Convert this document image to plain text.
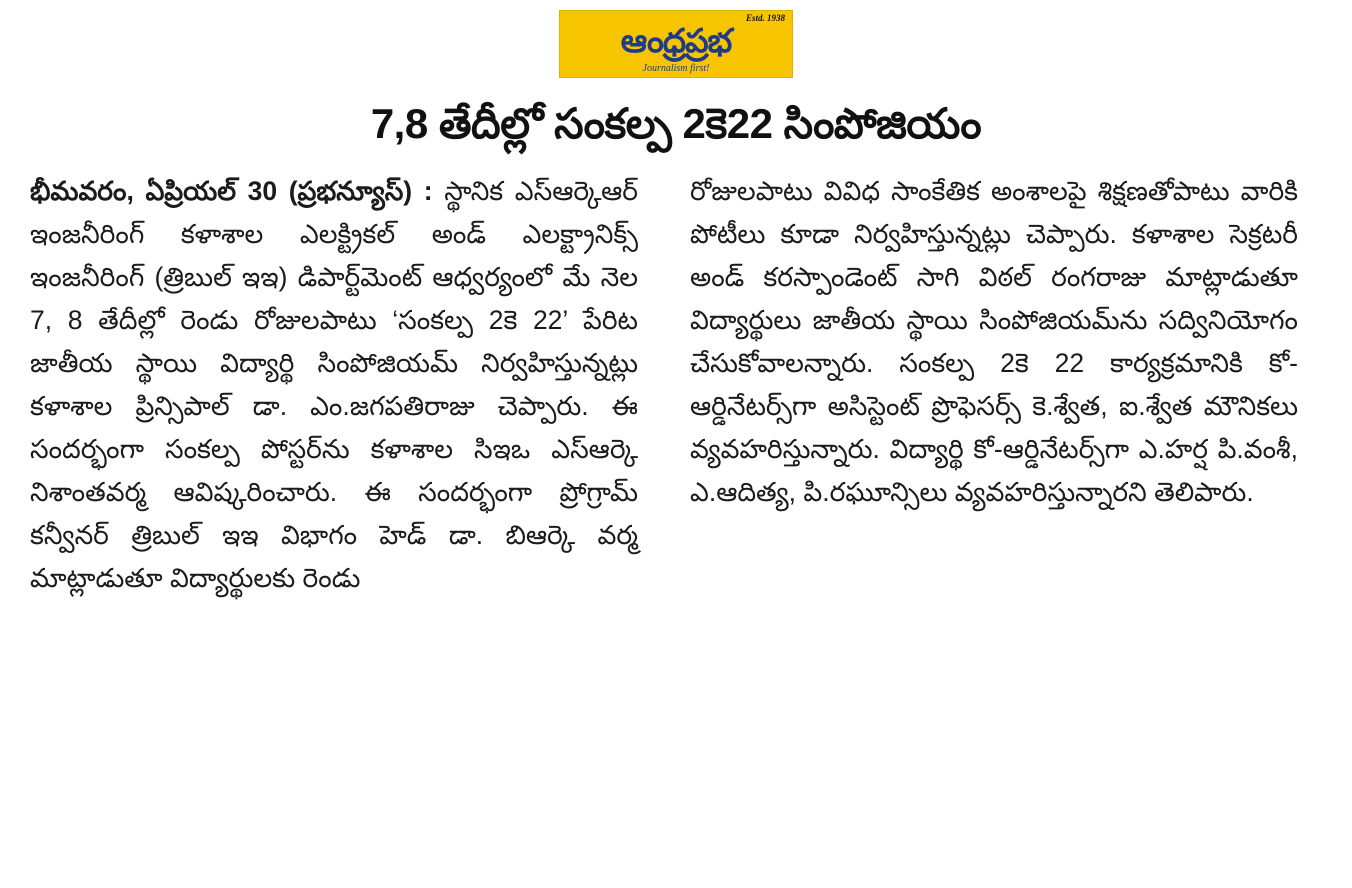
Estd. 1938
ఆంధ్రప్రభ
Journalism first!
7,8 తేదీల్లో సంకల్ప 2కె22 సింపోజియం

భీమవరం, ఏప్రియల్ 30 (ప్రభన్యూస్) : స్థానిక ఎస్ఆర్కెఆర్ ఇంజనీరింగ్ కళాశాల ఎలక్ట్రికల్ అండ్ ఎలక్ట్రానిక్స్ ఇంజనీరింగ్ (త్రిబుల్ ఇఇ) డిపార్ట్‌మెంట్ ఆధ్వర్యంలో మే నెల 7, 8 తేదీల్లో రెండు రోజులపాటు ‘సంకల్ప 2కె 22’ పేరిట జాతీయ స్థాయి విద్యార్థి సింపోజియమ్ నిర్వహిస్తున్నట్లు కళాశాల ప్రిన్సిపాల్ డా. ఎం.జగపతిరాజు చెప్పారు. ఈ సందర్భంగా సంకల్ప పోస్టర్‌ను కళాశాల సిఇఒ ఎస్ఆర్కె నిశాంతవర్మ ఆవిష్కరించారు. ఈ సందర్భంగా ప్రోగ్రామ్ కన్వీనర్ త్రిబుల్ ఇఇ విభాగం హెడ్ డా. బిఆర్కె వర్మ మాట్లాడుతూ విద్యార్థులకు రెండు

రోజులపాటు వివిధ సాంకేతిక అంశాలపై శిక్షణతోపాటు వారికి పోటీలు కూడా నిర్వహిస్తున్నట్లు చెప్పారు. కళాశాల సెక్రటరీ అండ్ కరస్పాండెంట్ సాగి విఠల్ రంగరాజు మాట్లాడుతూ విద్యార్థులు జాతీయ స్థాయి సింపోజియమ్‌ను సద్వినియోగం చేసుకోవాలన్నారు. సంకల్ప 2కె 22 కార్యక్రమానికి కో-ఆర్డినేటర్స్‌గా అసిస్టెంట్ ప్రొఫెసర్స్ కె.శ్వేత, ఐ.శ్వేత మౌనికలు వ్యవహరిస్తున్నారు. విద్యార్థి కో-ఆర్డినేటర్స్‌గా ఎ.హర్ష పి.వంశీ, ఎ.ఆదిత్య, పి.రఘూన్సిలు వ్యవహరిస్తున్నారని తెలిపారు.
